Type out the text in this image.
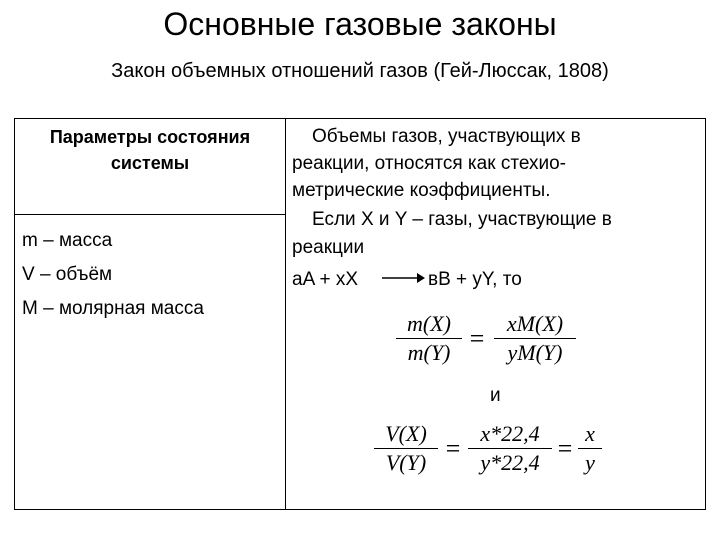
Основные газовые законы
Закон объемных отношений газов (Гей-Люссак, 1808)
Параметры состояния
системы
m – масса
V – объём
M – молярная масса
Объемы газов, участвующих в
реакции, относятся как стехио-
метрические коэффициенты.
Если X и Y – газы, участвующие в
реакции
aA + xX → вB + yY, то
$\frac{m(X)}{m(Y)} = \frac{xM(X)}{yM(Y)}$
и
$\frac{V(X)}{V(Y)} = \frac{x*22,4}{y*22,4} = \frac{x}{y}$
